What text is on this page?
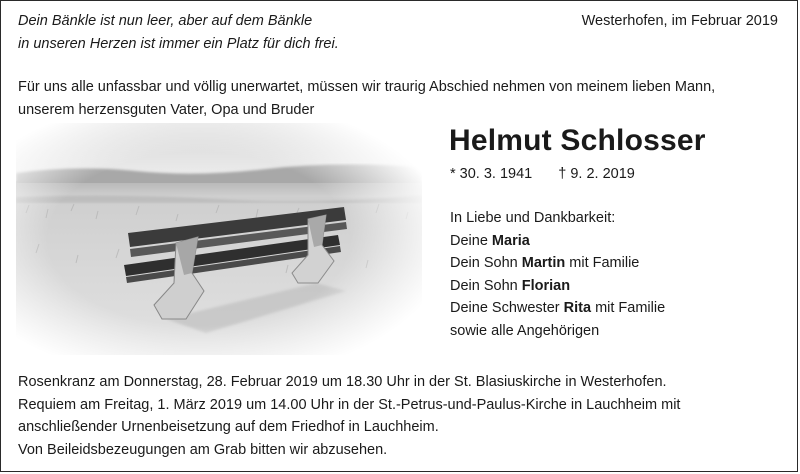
Dein Bänkle ist nun leer, aber auf dem Bänkle
in unseren Herzen ist immer ein Platz für dich frei.
Westerhofen, im Februar 2019
Für uns alle unfassbar und völlig unerwartet, müssen wir traurig Abschied nehmen von meinem lieben Mann,
unserem herzensguten Vater, Opa und Bruder
Helmut Schlosser
* 30. 3. 1941 † 9. 2. 2019
In Liebe und Dankbarkeit:
Deine Maria
Dein Sohn Martin mit Familie
Dein Sohn Florian
Deine Schwester Rita mit Familie
sowie alle Angehörigen
Rosenkranz am Donnerstag, 28. Februar 2019 um 18.30 Uhr in der St. Blasiuskirche in Westerhofen.
Requiem am Freitag, 1. März 2019 um 14.00 Uhr in der St.-Petrus-und-Paulus-Kirche in Lauchheim mit
anschließender Urnenbeisetzung auf dem Friedhof in Lauchheim.
Von Beileidsbezeugungen am Grab bitten wir abzusehen.
